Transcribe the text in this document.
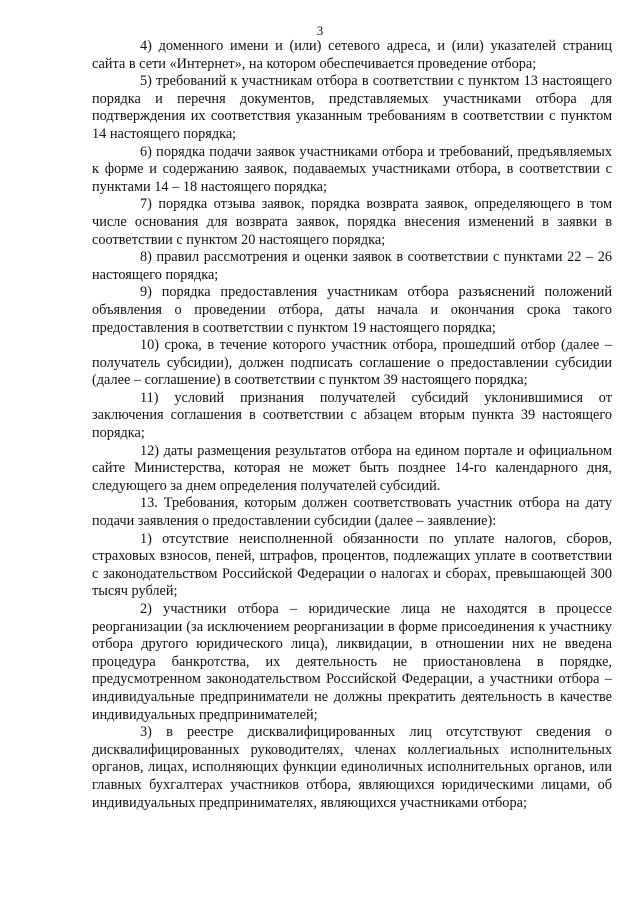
3

4) доменного имени и (или) сетевого адреса, и (или) указателей страниц сайта в сети «Интернет», на котором обеспечивается проведение отбора;

5) требований к участникам отбора в соответствии с пунктом 13 настоящего порядка и перечня документов, представляемых участниками отбора для подтверждения их соответствия указанным требованиям в соответствии с пунктом 14 настоящего порядка;

6) порядка подачи заявок участниками отбора и требований, предъявляемых к форме и содержанию заявок, подаваемых участниками отбора, в соответствии с пунктами 14 – 18 настоящего порядка;

7) порядка отзыва заявок, порядка возврата заявок, определяющего в том числе основания для возврата заявок, порядка внесения изменений в заявки в соответствии с пунктом 20 настоящего порядка;

8) правил рассмотрения и оценки заявок в соответствии с пунктами 22 – 26 настоящего порядка;

9) порядка предоставления участникам отбора разъяснений положений объявления о проведении отбора, даты начала и окончания срока такого предоставления в соответствии с пунктом 19 настоящего порядка;

10) срока, в течение которого участник отбора, прошедший отбор (далее – получатель субсидии), должен подписать соглашение о предоставлении субсидии (далее – соглашение) в соответствии с пунктом 39 настоящего порядка;

11) условий признания получателей субсидий уклонившимися от заключения соглашения в соответствии с абзацем вторым пункта 39 настоящего порядка;

12) даты размещения результатов отбора на едином портале и официальном сайте Министерства, которая не может быть позднее 14-го календарного дня, следующего за днем определения получателей субсидий.

13. Требования, которым должен соответствовать участник отбора на дату подачи заявления о предоставлении субсидии (далее – заявление):

1) отсутствие неисполненной обязанности по уплате налогов, сборов, страховых взносов, пеней, штрафов, процентов, подлежащих уплате в соответствии с законодательством Российской Федерации о налогах и сборах, превышающей 300 тысяч рублей;

2) участники отбора – юридические лица не находятся в процессе реорганизации (за исключением реорганизации в форме присоединения к участнику отбора другого юридического лица), ликвидации, в отношении них не введена процедура банкротства, их деятельность не приостановлена в порядке, предусмотренном законодательством Российской Федерации, а участники отбора – индивидуальные предприниматели не должны прекратить деятельность в качестве индивидуальных предпринимателей;

3) в реестре дисквалифицированных лиц отсутствуют сведения о дисквалифицированных руководителях, членах коллегиальных исполнительных органов, лицах, исполняющих функции единоличных исполнительных органов, или главных бухгалтерах участников отбора, являющихся юридическими лицами, об индивидуальных предпринимателях, являющихся участниками отбора;
